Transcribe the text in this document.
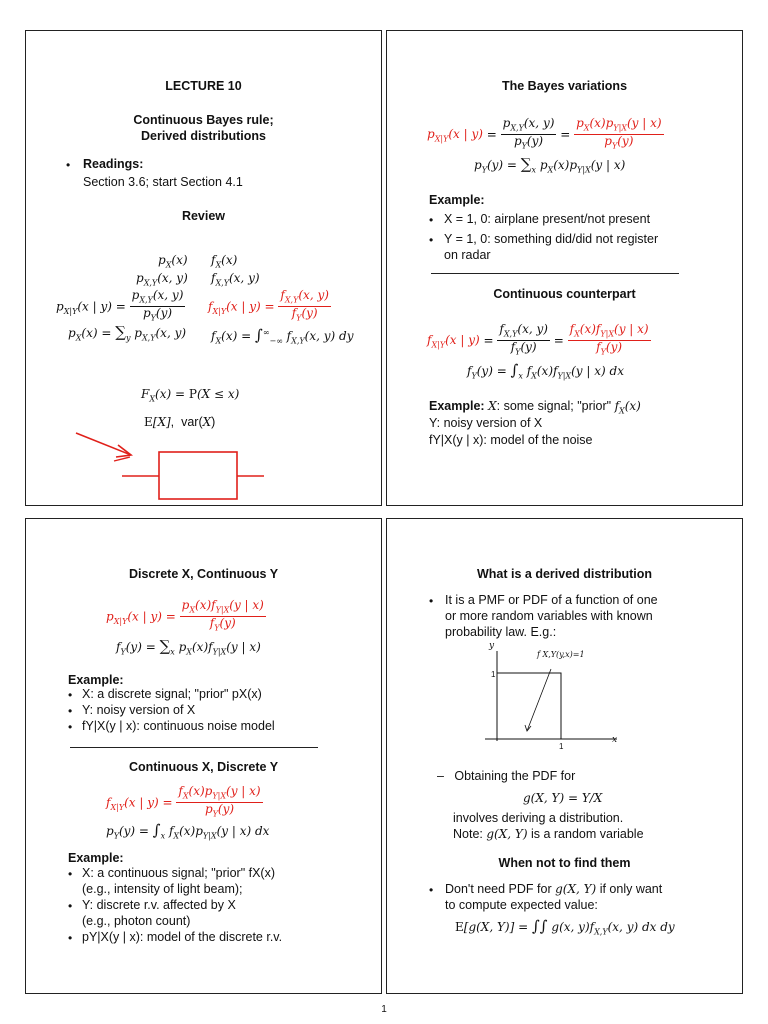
LECTURE 10
Continuous Bayes rule;
Derived distributions
• Readings:
Section 3.6; start Section 4.1
Review
$p_X(x)$ $f_X(x)$
$p_{X,Y}(x$, y) $f_{X,Y}(x$, y)
$p_{X|Y}(x$ | $y) = \frac{p_{X,Y}(x, y)}{p_Y(y)} f_{X|Y}(x$ | $y) = \frac{f_{X,Y}(x, y)}{f_Y(y)}$
$p_X(x) = \sum_y$ $p_{X,Y}(x$, y) $f_X(x) = \int^\infty_{-\infty}$ $f_{X,Y}(x$, y) dy
$F_X(x) = P(X \le x)$
E[X],  var(X)
The Bayes variations
$p_{X|Y}(x$ | $y) = \frac{p_{X,Y}(x, y)}{p_Y(y)} = \frac{p_X(x)p_{Y|X}(y | x)}{p_Y(y)}$
$p_Y(y) = \sum_x$ $p_X(x)p_{Y|X}(y$ | x)
Example:
• X = 1, 0: airplane present/not present
• Y = 1, 0: something did/did not register
on radar
Continuous counterpart
$f_{X|Y}(x$ | $y) = \frac{f_{X,Y}(x, y)}{f_Y(y)} = \frac{f_X(x)f_{Y|X}(y | x)}{f_Y(y)}$
$f_Y(y) = \int_x$ $f_X(x)f_{Y|X}(y$ | x) dx
Example: X: some signal; "prior" $f_X(x)$
Y: noisy version of X
fY|X(y | x): model of the noise
Discrete X, Continuous Y
$p_{X|Y}(x$ | $y) = \frac{p_X(x)f_{Y|X}(y | x)}{f_Y(y)}$
$f_Y(y) = \sum_x$ $p_X(x)f_{Y|X}(y$ | x)
Example:
• X: a discrete signal; "prior" pX(x)
• Y: noisy version of X
• fY|X(y | x): continuous noise model
Continuous X, Discrete Y
$f_{X|Y}(x$ | $y) = \frac{f_X(x)p_{Y|X}(y | x)}{p_Y(y)}$
$p_Y(y) = \int_x$ $f_X(x)p_{Y|X}(y$ | x) dx
Example:
• X: a continuous signal; "prior" fX(x)
(e.g., intensity of light beam);
• Y: discrete r.v. affected by X
(e.g., photon count)
• pY|X(y | x): model of the discrete r.v.
What is a derived distribution
• It is a PMF or PDF of a function of one
or more random variables with known
probability law. E.g.:
y
x
1
1
f X,Y(y,x)=1
–   Obtaining the PDF for
g(X, Y) = Y/X
involves deriving a distribution.
Note: g(X, Y) is a random variable
When not to find them
• Don't need PDF for g(X, Y) if only want
to compute expected value:
E[g(X, Y)] = ∫∫ g(x, $y)f_{X,Y}(x$, y) dx dy
1
